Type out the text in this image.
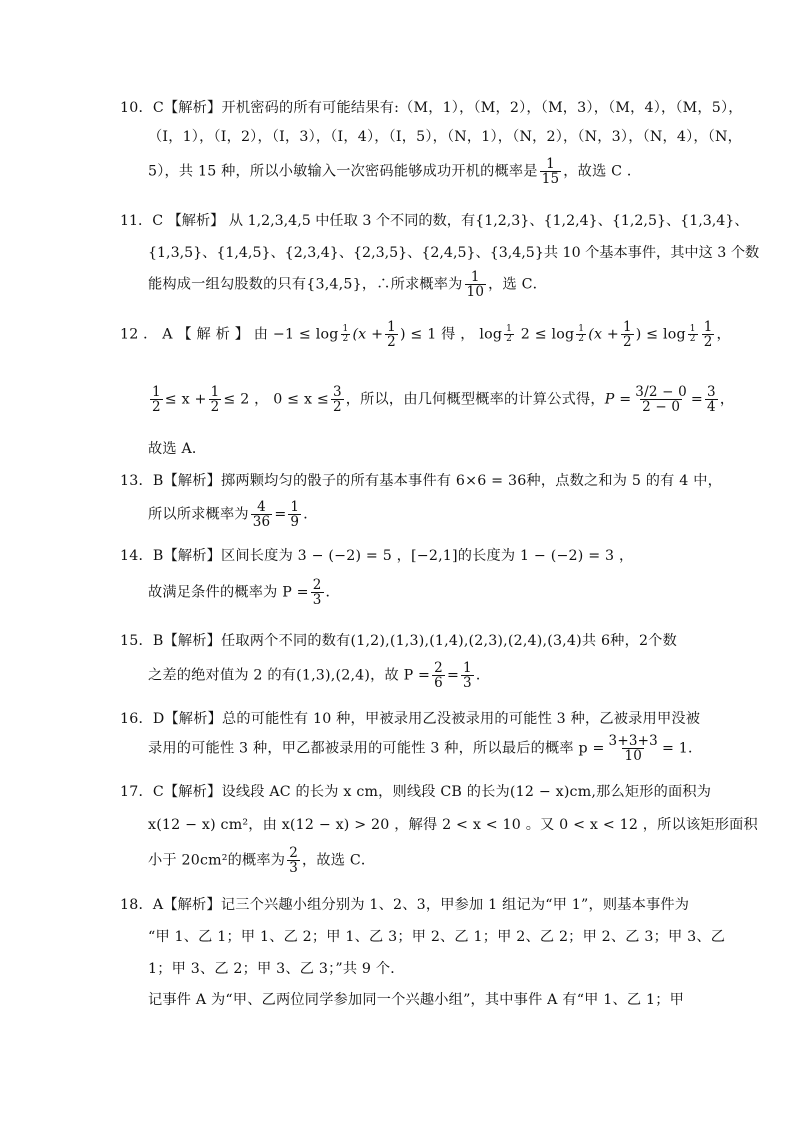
10．C【解析】开机密码的所有可能结果有:（M，1），（M，2），（M，3），（M，4），（M，5），
（I，1），（I，2），（I，3），（I，4），（I，5），（N，1），（N，2），（N，3），（N，4），（N，
5），共 15 种，所以小敏输入一次密码能够成功开机的概率是 $\frac{1}{15}$ ，故选 C ．
11．C 【解析】 从 1,2,3,4,5 中任取 3 个不同的数，有{1,2,3}、{1,2,4}、{1,2,5}、{1,3,4}、
{1,3,5}、{1,4,5}、{2,3,4}、{2,3,5}、{2,4,5}、{3,4,5}共 10 个基本事件，其中这 3 个数
能构成一组勾股数的只有{3,4,5}，∴所求概率为 $\frac{1}{10}$ ，选 C．
12 ． A 【 解 析 】 由 $-1 \le \log \frac{1}{2} (x + \frac{1}{2}$ ) ≤ 1 得 ， $\log \frac{1}{2} 2 \le \log \frac{1}{2} (x + \frac{1}{2}$ ) ≤ $\log \frac{1}{2} \frac{1}{2}$ ，
$\frac{1}{2} \le x + \frac{1}{2} \le 2$ ， $0 \le x \le \frac{3}{2}$ ，所以，由几何概型概率的计算公式得，$P = \frac{3/2 - 0}{2 - 0} = \frac{3}{4}$ ，
故选 A．
13．B【解析】掷两颗均匀的骰子的所有基本事件有 6×6 = 36种，点数之和为 5 的有 4 中，
所以所求概率为 $\frac{4}{36} = \frac{1}{9}$ ．
14．B【解析】区间长度为 3 − (−2) = 5 ，[−2,1]的长度为 1 − (−2) = 3 ，
故满足条件的概率为 $P = \frac{2}{3}$ ．
15．B【解析】任取两个不同的数有(1,2),(1,3),(1,4),(2,3),(2,4),(3,4)共 6种，2个数
之差的绝对值为 2 的有(1,3),(2,4)，故 $P = \frac{2}{6} = \frac{1}{3}$ ．
16．D【解析】总的可能性有 10 种，甲被录用乙没被录用的可能性 3 种，乙被录用甲没被
录用的可能性 3 种，甲乙都被录用的可能性 3 种，所以最后的概率 $p = \frac{3+3+3}{10} = 1$．
17．C【解析】设线段 AC 的长为 x cm，则线段 CB 的长为(12 − x)cm,那么矩形的面积为
x(12 − x) cm²，由 x(12 − x) > 20 ，解得 2 < x < 10 。又 0 < x < 12 ，所以该矩形面积
小于 20cm²的概率为 $\frac{2}{3}$ ，故选 C．
18．A【解析】记三个兴趣小组分别为 1、2、3，甲参加 1 组记为“甲 1”，则基本事件为
“甲 1、乙 1；甲 1、乙 2；甲 1、乙 3；甲 2、乙 1；甲 2、乙 2；甲 2、乙 3；甲 3、乙
1；甲 3、乙 2；甲 3、乙 3；”共 9 个．
记事件 A 为“甲、乙两位同学参加同一个兴趣小组”，其中事件 A 有“甲 1、乙 1；甲
